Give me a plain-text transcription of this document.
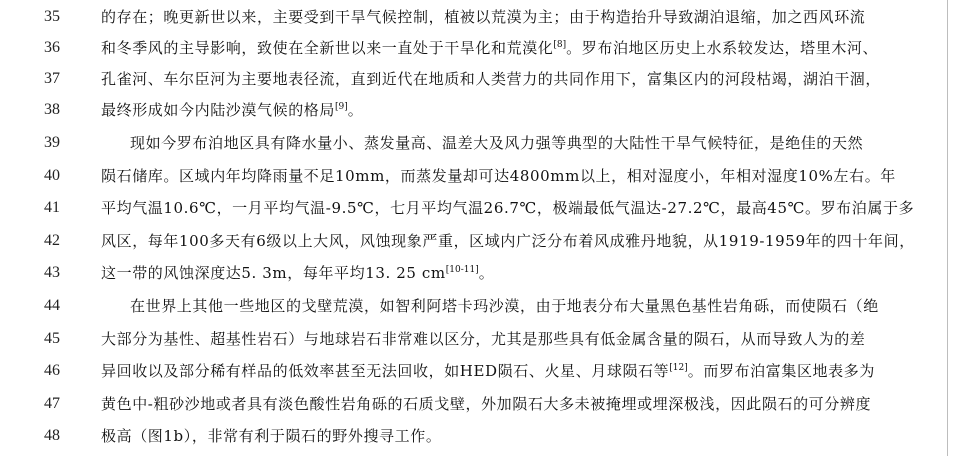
35	的存在；晚更新世以来，主要受到干旱气候控制，植被以荒漠为主；由于构造抬升导致湖泊退缩，加之西风环流
36	和冬季风的主导影响，致使在全新世以来一直处于干旱化和荒漠化[8]。罗布泊地区历史上水系较发达，塔里木河、
37	孔雀河、车尔臣河为主要地表径流，直到近代在地质和人类营力的共同作用下，富集区内的河段枯竭，湖泊干涸，
38	最终形成如今内陆沙漠气候的格局[9]。
39	现如今罗布泊地区具有降水量小、蒸发量高、温差大及风力强等典型的大陆性干旱气候特征，是绝佳的天然
40	陨石储库。区域内年均降雨量不足10mm，而蒸发量却可达4800mm以上，相对湿度小，年相对湿度10%左右。年
41	平均气温10.6℃，一月平均气温-9.5℃，七月平均气温26.7℃，极端最低气温达-27.2℃，最高45℃。罗布泊属于多
42	风区，每年100多天有6级以上大风，风蚀现象严重，区域内广泛分布着风成雅丹地貌，从1919-1959年的四十年间，
43	这一带的风蚀深度达5. 3m，每年平均13. 25 cm[10-11]。
44	在世界上其他一些地区的戈壁荒漠，如智利阿塔卡玛沙漠，由于地表分布大量黑色基性岩角砾，而使陨石（绝
45	大部分为基性、超基性岩石）与地球岩石非常难以区分，尤其是那些具有低金属含量的陨石，从而导致人为的差
46	异回收以及部分稀有样品的低效率甚至无法回收，如HED陨石、火星、月球陨石等[12]。而罗布泊富集区地表多为
47	黄色中-粗砂沙地或者具有淡色酸性岩角砾的石质戈壁，外加陨石大多未被掩埋或埋深极浅，因此陨石的可分辨度
48	极高（图1b），非常有利于陨石的野外搜寻工作。
